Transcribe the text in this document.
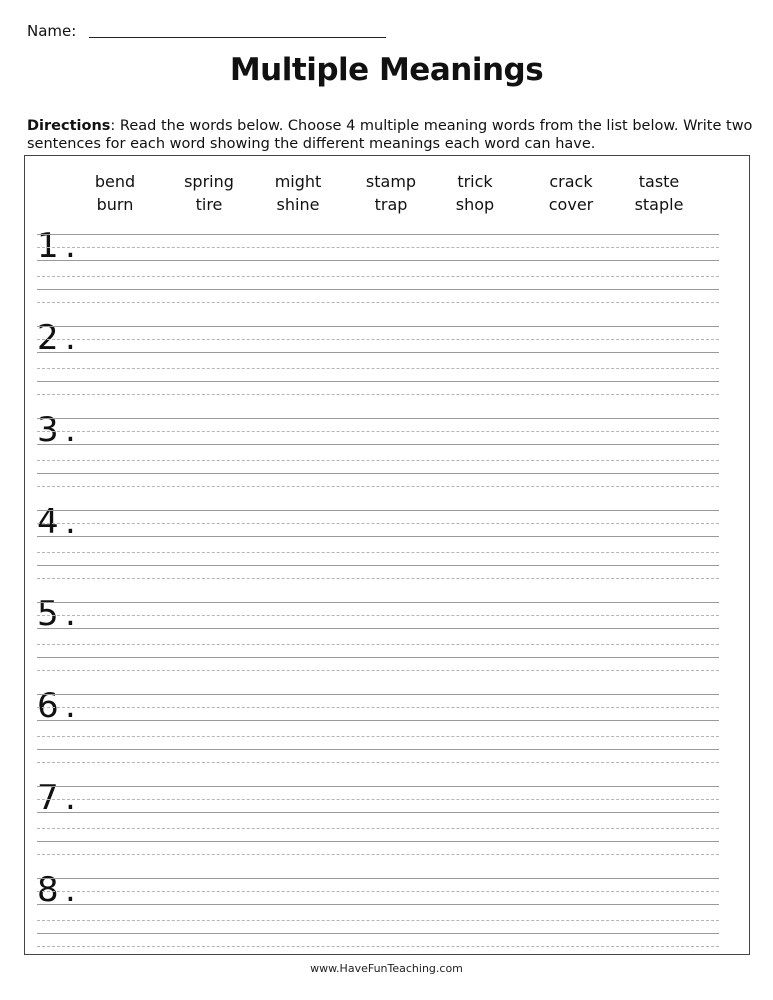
Name:
Multiple Meanings
Directions: Read the words below. Choose 4 multiple meaning words from the list below. Write two sentences for each word showing the different meanings each word can have.
bend	spring	might	stamp	trick	crack	taste
burn	tire	shine	trap	shop	cover	staple
1 .
2 .
3 .
4 .
5 .
6 .
7 .
8 .
www.HaveFunTeaching.com
